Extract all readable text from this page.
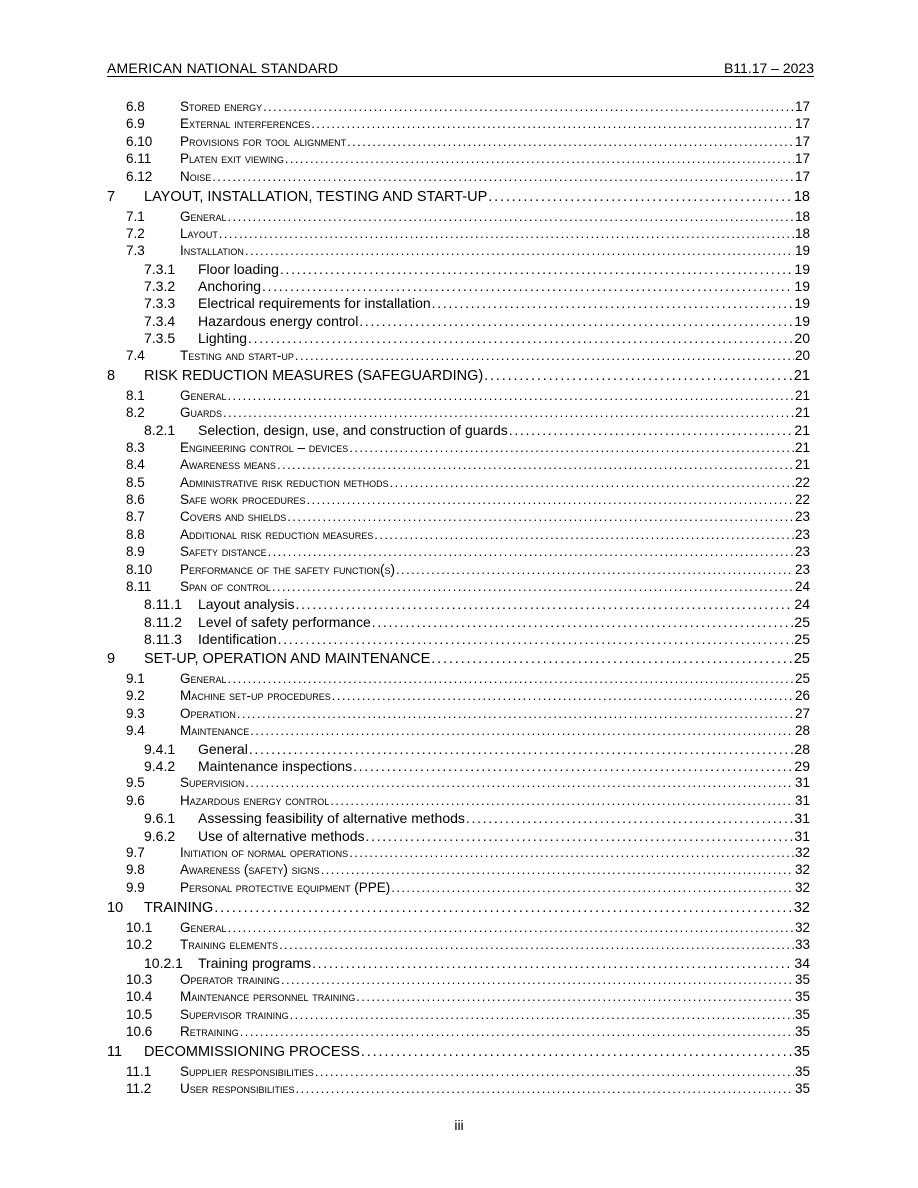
AMERICAN NATIONAL STANDARD	B11.17 – 2023
6.8	Stored energy . . .	17
6.9	External interferences . . .	17
6.10	Provisions for tool alignment . . .	17
6.11	Platen exit viewing . . .	17
6.12	Noise . . .	17
7	LAYOUT, INSTALLATION, TESTING AND START-UP . . .	18
7.1	General . . .	18
7.2	Layout . . .	18
7.3	Installation . . .	19
7.3.1	Floor loading . . .	19
7.3.2	Anchoring . . .	19
7.3.3	Electrical requirements for installation . . .	19
7.3.4	Hazardous energy control . . .	19
7.3.5	Lighting . . .	20
7.4	Testing and start-up . . .	20
8	RISK REDUCTION MEASURES (SAFEGUARDING) . . .	21
8.1	General . . .	21
8.2	Guards . . .	21
8.2.1	Selection, design, use, and construction of guards . . .	21
8.3	Engineering control – devices . . .	21
8.4	Awareness means . . .	21
8.5	Administrative risk reduction methods . . .	22
8.6	Safe work procedures . . .	22
8.7	Covers and shields . . .	23
8.8	Additional risk reduction measures . . .	23
8.9	Safety distance . . .	23
8.10	Performance of the safety function(s) . . .	23
8.11	Span of control . . .	24
8.11.1	Layout analysis . . .	24
8.11.2	Level of safety performance . . .	25
8.11.3	Identification . . .	25
9	SET-UP, OPERATION AND MAINTENANCE . . .	25
9.1	General . . .	25
9.2	Machine set-up procedures . . .	26
9.3	Operation . . .	27
9.4	Maintenance . . .	28
9.4.1	General . . .	28
9.4.2	Maintenance inspections . . .	29
9.5	Supervision . . .	31
9.6	Hazardous energy control . . .	31
9.6.1	Assessing feasibility of alternative methods . . .	31
9.6.2	Use of alternative methods . . .	31
9.7	Initiation of normal operations . . .	32
9.8	Awareness (safety) signs . . .	32
9.9	Personal protective equipment (PPE) . . .	32
10	TRAINING . . .	32
10.1	General . . .	32
10.2	Training elements . . .	33
10.2.1	Training programs . . .	34
10.3	Operator training . . .	35
10.4	Maintenance personnel training . . .	35
10.5	Supervisor training . . .	35
10.6	Retraining . . .	35
11	DECOMMISSIONING PROCESS . . .	35
11.1	Supplier responsibilities . . .	35
11.2	User responsibilities . . .	35
iii
